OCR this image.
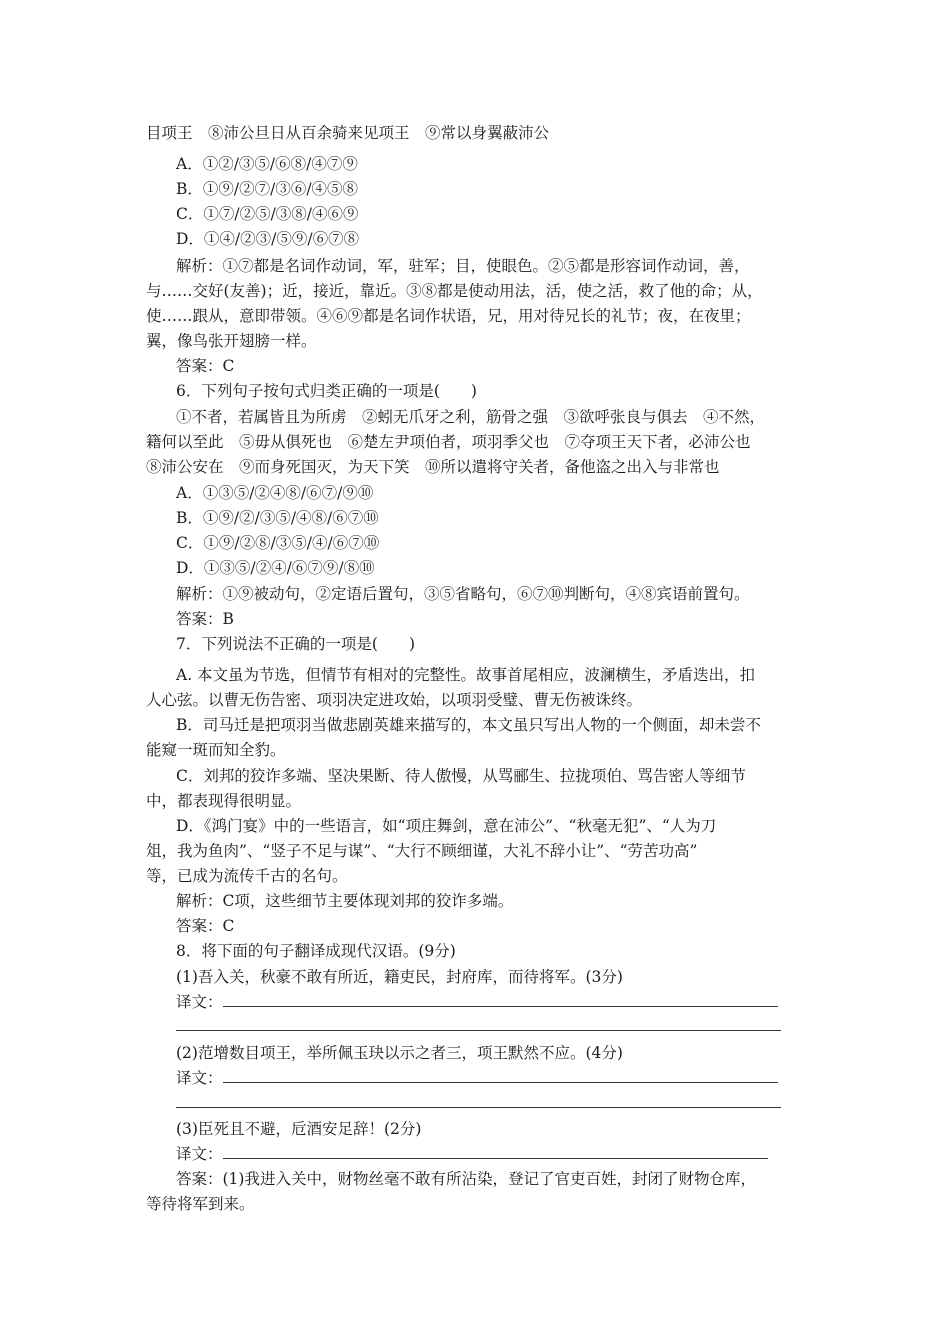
目项王　⑧沛公旦日从百余骑来见项王　⑨常以身翼蔽沛公
A．①②/③⑤/⑥⑧/④⑦⑨
B．①⑨/②⑦/③⑥/④⑤⑧
C．①⑦/②⑤/③⑧/④⑥⑨
D．①④/②③/⑤⑨/⑥⑦⑧
解析：①⑦都是名词作动词，军，驻军；目，使眼色。②⑤都是形容词作动词，善，
与……交好(友善)；近，接近，靠近。③⑧都是使动用法，活，使之活，救了他的命；从，
使……跟从，意即带领。④⑥⑨都是名词作状语，兄，用对待兄长的礼节；夜，在夜里；
翼，像鸟张开翅膀一样。
答案：C
6．下列句子按句式归类正确的一项是(　　)
①不者，若属皆且为所虏　②蚓无爪牙之利，筋骨之强　③欲呼张良与俱去　④不然，
籍何以至此　⑤毋从俱死也　⑥楚左尹项伯者，项羽季父也　⑦夺项王天下者，必沛公也
⑧沛公安在　⑨而身死国灭，为天下笑　⑩所以遣将守关者，备他盗之出入与非常也
A．①③⑤/②④⑧/⑥⑦/⑨⑩
B．①⑨/②/③⑤/④⑧/⑥⑦⑩
C．①⑨/②⑧/③⑤/④/⑥⑦⑩
D．①③⑤/②④/⑥⑦⑨/⑧⑩
解析：①⑨被动句，②定语后置句，③⑤省略句，⑥⑦⑩判断句，④⑧宾语前置句。
答案：B
7．下列说法不正确的一项是(　　)
A. 本文虽为节选，但情节有相对的完整性。故事首尾相应，波澜横生，矛盾迭出，扣
人心弦。以曹无伤告密、项羽决定进攻始，以项羽受璧、曹无伤被诛终。
B．司马迁是把项羽当做悲剧英雄来描写的，本文虽只写出人物的一个侧面，却未尝不
能窥一斑而知全豹。
C．刘邦的狡诈多端、坚决果断、待人傲慢，从骂郦生、拉拢项伯、骂告密人等细节
中，都表现得很明显。
D．《鸿门宴》中的一些语言，如“项庄舞剑，意在沛公”、“秋毫无犯”、“人为刀
俎，我为鱼肉”、“竖子不足与谋”、“大行不顾细谨，大礼不辞小让”、“劳苦功高”
等，已成为流传千古的名句。
解析：C项，这些细节主要体现刘邦的狡诈多端。
答案：C
8．将下面的句子翻译成现代汉语。(9分)
(1)吾入关，秋豪不敢有所近，籍吏民，封府库，而待将军。(3分)
译文：
(2)范增数目项王，举所佩玉玦以示之者三，项王默然不应。(4分)
译文：
(3)臣死且不避，卮酒安足辞！(2分)
译文：
答案：(1)我进入关中，财物丝毫不敢有所沾染，登记了官吏百姓，封闭了财物仓库，
等待将军到来。
